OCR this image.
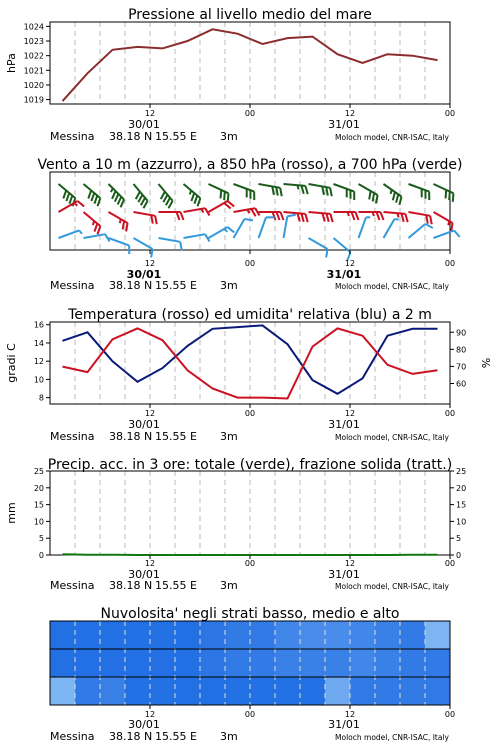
Pressione al livello medio del mare
1019
1020
1021
1022
1023
1024
hPa
12	00	12	00
30/01	31/01
Messina 38.18 N 15.55 E 3m	Moloch model, CNR-ISAC, Italy
Vento a 10 m (azzurro), a 850 hPa (rosso), a 700 hPa (verde)
12	00	12	00
30/01	31/01
Messina 38.18 N 15.55 E 3m	Moloch model, CNR-ISAC, Italy
Temperatura (rosso) ed umidita' relativa (blu) a 2 m
8
10
12
14
16
60
70
80
90
gradi C	%
12	00	12	00
30/01	31/01
Messina 38.18 N 15.55 E 3m	Moloch model, CNR-ISAC, Italy
Precip. acc. in 3 ore: totale (verde), frazione solida (tratt.)
0
5
10
15
20
25
0
5
10
15
20
25
mm
12	00	12	00
30/01	31/01
Messina 38.18 N 15.55 E 3m	Moloch model, CNR-ISAC, Italy
Nuvolosita' negli strati basso, medio e alto
12	00	12	00
30/01	31/01
Messina 38.18 N 15.55 E 3m	Moloch model, CNR-ISAC, Italy
